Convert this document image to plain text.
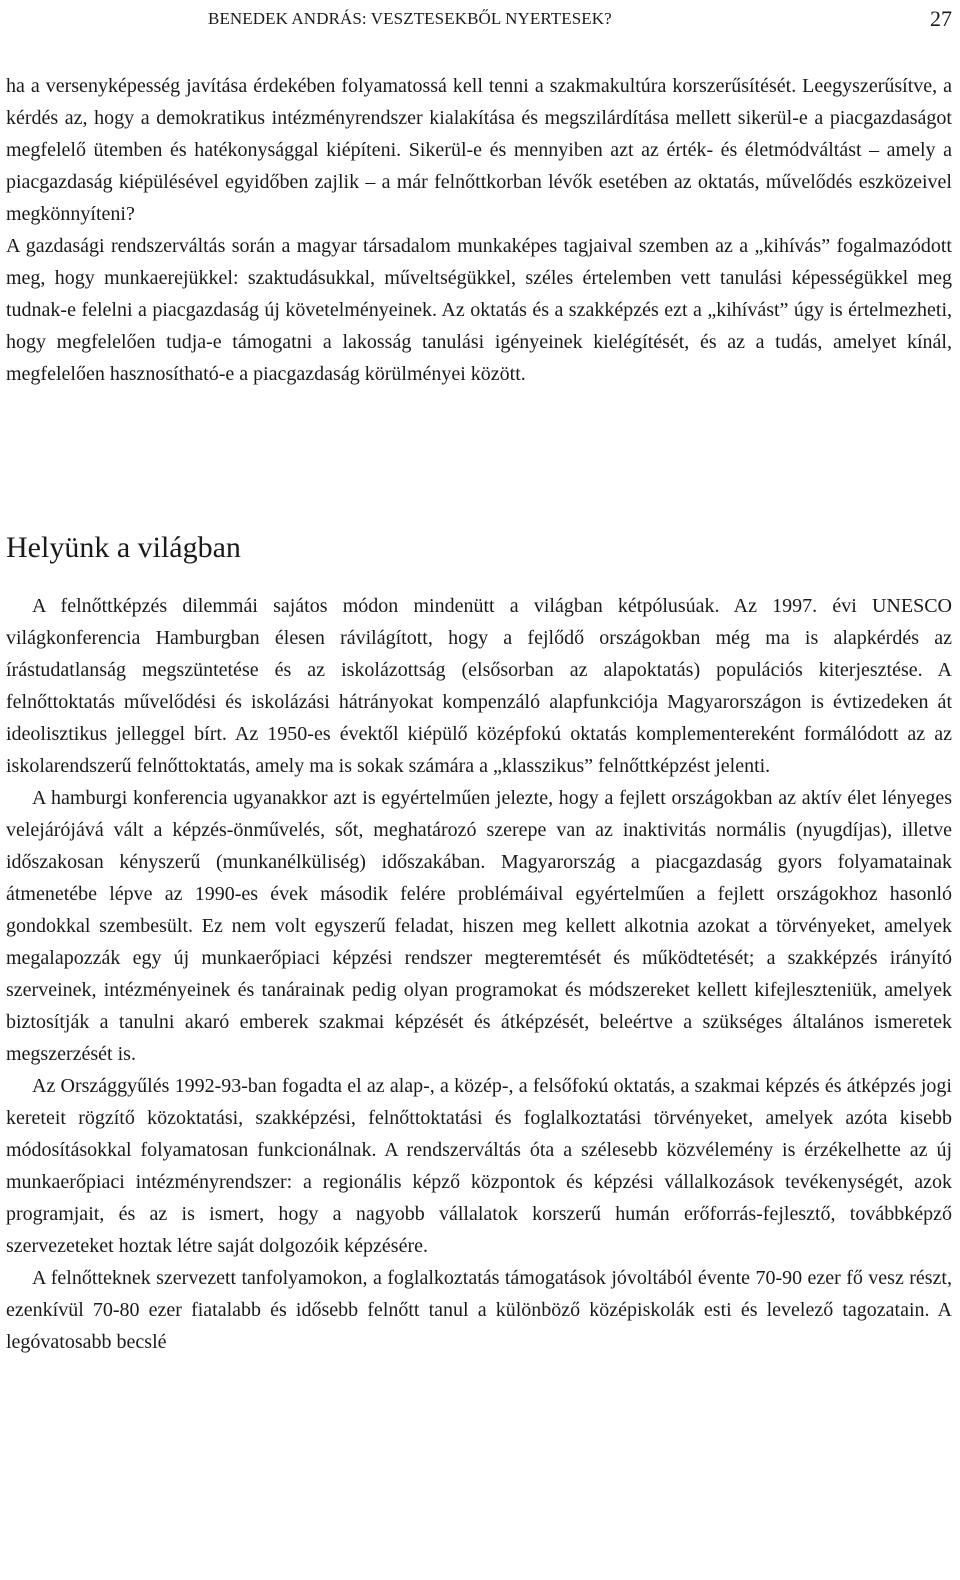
BENEDEK ANDRÁS: VESZTESEKBŐL NYERTESEK?	27

ha a versenyképesség javítása érdekében folyamatossá kell tenni a szakmakultúra korszerűsítését. Leegyszerűsítve, a kérdés az, hogy a demokratikus intézményrendszer kialakítása és megszilárdítása mellett sikerül-e a piacgazdaságot megfelelő ütemben és hatékonysággal kiépíteni. Sikerül-e és mennyiben azt az érték- és életmódváltást – amely a piacgazdaság kiépülésével egyidőben zajlik – a már felnőttkorban lévők esetében az oktatás, művelődés eszközeivel megkönnyíteni?

A gazdasági rendszerváltás során a magyar társadalom munkaképes tagjaival szemben az a „kihívás” fogalmazódott meg, hogy munkaerejükkel: szaktudásukkal, műveltségükkel, széles értelemben vett tanulási képességükkel meg tudnak-e felelni a piacgazdaság új követelményeinek. Az oktatás és a szakképzés ezt a „kihívást” úgy is értelmezheti, hogy megfelelően tudja-e támogatni a lakosság tanulási igényeinek kielégítését, és az a tudás, amelyet kínál, megfelelően hasznosítható-e a piacgazdaság körülményei között.

Helyünk a világban

A felnőttképzés dilemmái sajátos módon mindenütt a világban kétpólusúak. Az 1997. évi UNESCO világkonferencia Hamburgban élesen rávilágított, hogy a fejlődő országokban még ma is alapkérdés az írástudatlanság megszüntetése és az iskolázottság (elsősorban az alapoktatás) populációs kiterjesztése. A felnőttoktatás művelődési és iskolázási hátrányokat kompenzáló alapfunkciója Magyarországon is évtizedeken át ideolisztikus jelleggel bírt. Az 1950-es évektől kiépülő középfokú oktatás komplementereként formálódott az az iskolarendszerű felnőttoktatás, amely ma is sokak számára a „klasszikus” felnőttképzést jelenti.

A hamburgi konferencia ugyanakkor azt is egyértelműen jelezte, hogy a fejlett országokban az aktív élet lényeges velejárójává vált a képzés-önművelés, sőt, meghatározó szerepe van az inaktivitás normális (nyugdíjas), illetve időszakosan kényszerű (munkanélküliség) időszakában. Magyarország a piacgazdaság gyors folyamatainak átmenetébe lépve az 1990-es évek második felére problémáival egyértelműen a fejlett országokhoz hasonló gondokkal szembesült. Ez nem volt egyszerű feladat, hiszen meg kellett alkotnia azokat a törvényeket, amelyek megalapozzák egy új munkaerőpiaci képzési rendszer megteremtését és működtetését; a szakképzés irányító szerveinek, intézményeinek és tanárainak pedig olyan programokat és módszereket kellett kifejleszteniük, amelyek biztosítják a tanulni akaró emberek szakmai képzését és átképzését, beleértve a szükséges általános ismeretek megszerzését is.

Az Országgyűlés 1992-93-ban fogadta el az alap-, a közép-, a felsőfokú oktatás, a szakmai képzés és átképzés jogi kereteit rögzítő közoktatási, szakképzési, felnőttoktatási és foglalkoztatási törvényeket, amelyek azóta kisebb módosításokkal folyamatosan funkcionálnak. A rendszerváltás óta a szélesebb közvélemény is érzékelhette az új munkaerőpiaci intézményrendszer: a regionális képző központok és képzési vállalkozások tevékenységét, azok programjait, és az is ismert, hogy a nagyobb vállalatok korszerű humán erőforrás-fejlesztő, továbbképző szervezeteket hoztak létre saját dolgozóik képzésére.

A felnőtteknek szervezett tanfolyamokon, a foglalkoztatás támogatások jóvoltából évente 70-90 ezer fő vesz részt, ezenkívül 70-80 ezer fiatalabb és idősebb felnőtt tanul a különböző középiskolák esti és levelező tagozatain. A legóvatosabb becslé
